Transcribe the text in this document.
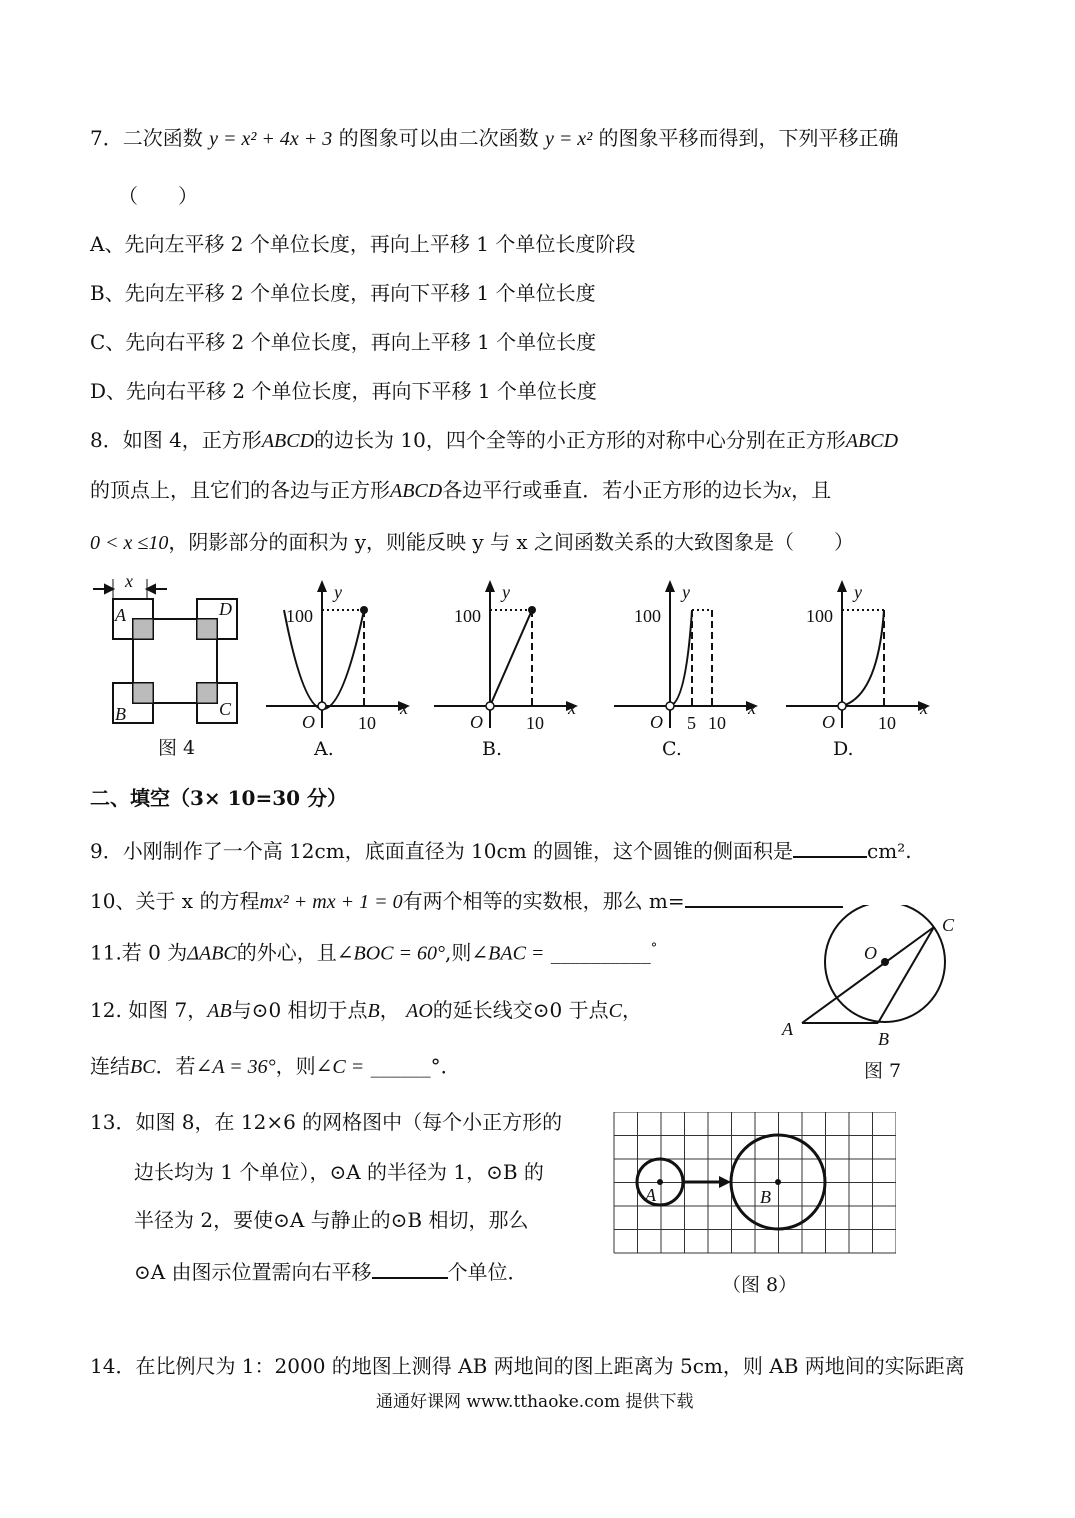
7．二次函数 y = x² + 4x + 3 的图象可以由二次函数 y = x² 的图象平移而得到，下列平移正确
（　　）
A、先向左平移 2 个单位长度，再向上平移 1 个单位长度阶段
B、先向左平移 2 个单位长度，再向下平移 1 个单位长度
C、先向右平移 2 个单位长度，再向上平移 1 个单位长度
D、先向右平移 2 个单位长度，再向下平移 1 个单位长度
8．如图 4，正方形ABCD的边长为 10，四个全等的小正方形的对称中心分别在正方形ABCD
的顶点上，且它们的各边与正方形ABCD各边平行或垂直．若小正方形的边长为x，且
0 < x ≤10，阴影部分的面积为 y，则能反映 y 与 x 之间函数关系的大致图象是（　　）
x
A	D
B	C
图 4
100
y
x
O 10
A.
100
y
x
O 10
B.
100
y
x
O 5 10
C.
100
y
x
O 10
D.
二、填空（3× 10=30 分）
9．小刚制作了一个高 12cm，底面直径为 10cm 的圆锥，这个圆锥的侧面积是	cm².
10、关于 x 的方程mx² + mx + 1 = 0有两个相等的实数根，那么 m=
11.若 0 为ΔABC的外心，且∠BOC = 60°,则∠BAC = __________°
12. 如图 7，AB与⊙0 相切于点B， AO的延长线交⊙0 于点C，
连结BC．若∠A = 36°，则∠C = ______°．
O
C
A	B
图 7
13．如图 8，在 12×6 的网格图中（每个小正方形的
边长均为 1 个单位），⊙A 的半径为 1，⊙B 的
半径为 2，要使⊙A 与静止的⊙B 相切，那么
⊙A 由图示位置需向右平移	个单位．
A	B
（图 8）
14．在比例尺为 1：2000 的地图上测得 AB 两地间的图上距离为 5cm，则 AB 两地间的实际距离
通通好课网 www.tthaoke.com 提供下载
